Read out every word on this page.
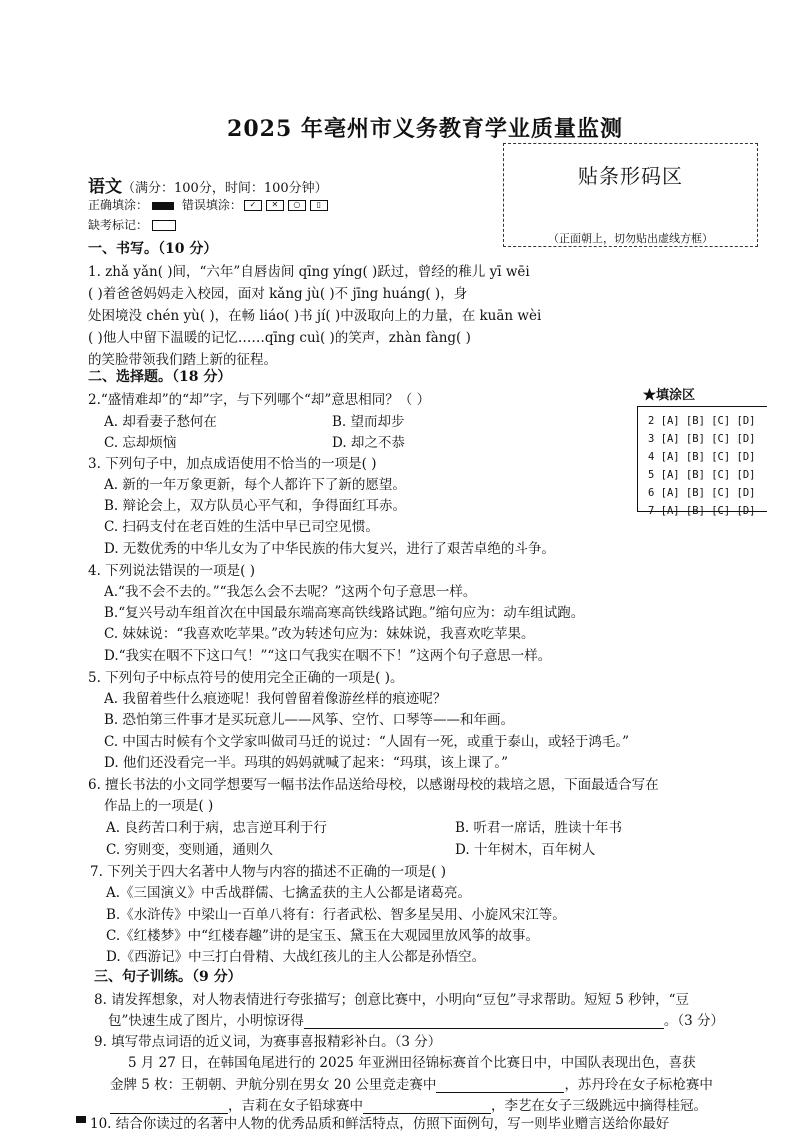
2025 年亳州市义务教育学业质量监测
语文（满分：100分，时间：100分钟）
正确填涂：	错误填涂： ✓ ✕ ○ ▯
缺考标记：
贴条形码区
（正面朝上，切勿贴出虚线方框）
一、书写。（10 分）
1. zhǎ yǎn( )间，“六年”自唇齿间 qīng yíng( )跃过，曾经的稚儿 yī wēi
( )着爸爸妈妈走入校园，面对 kǎng jù( )不 jīng huáng( )，身
处困境没 chén yù( )，在畅 liáo( )书 jí( )中汲取向上的力量，在 kuān wèi
( )他人中留下温暖的记忆……qīng cuì( )的笑声，zhàn fàng( )
的笑脸带领我们踏上新的征程。
二、选择题。（18 分）
2.“盛情难却”的“却”字，与下列哪个“却”意思相同？（ ）
A. 却看妻子愁何在	B. 望而却步
C. 忘却烦恼	D. 却之不恭
★填涂区
2 [A] [B] [C] [D]
3 [A] [B] [C] [D]
4 [A] [B] [C] [D]
5 [A] [B] [C] [D]
6 [A] [B] [C] [D]
7 [A] [B] [C] [D]
3. 下列句子中，加点成语使用不恰当的一项是( )
A. 新的一年万象更新，每个人都许下了新的愿望。
B. 辩论会上，双方队员心平气和，争得面红耳赤。
C. 扫码支付在老百姓的生活中早已司空见惯。
D. 无数优秀的中华儿女为了中华民族的伟大复兴，进行了艰苦卓绝的斗争。
4. 下列说法错误的一项是( )
A.“我不会不去的。”“我怎么会不去呢？”这两个句子意思一样。
B.“复兴号动车组首次在中国最东端高寒高铁线路试跑。”缩句应为：动车组试跑。
C. 妹妹说：“我喜欢吃苹果。”改为转述句应为：妹妹说，我喜欢吃苹果。
D.“我实在咽不下这口气！”“这口气我实在咽不下！”这两个句子意思一样。
5. 下列句子中标点符号的使用完全正确的一项是( )。
A. 我留着些什么痕迹呢！我何曾留着像游丝样的痕迹呢？
B. 恐怕第三件事才是买玩意儿——风筝、空竹、口琴等——和年画。
C. 中国古时候有个文学家叫做司马迁的说过：“人固有一死，或重于泰山，或轻于鸿毛。”
D. 他们还没看完一半。玛琪的妈妈就喊了起来：“玛琪，该上课了。”
6. 擅长书法的小文同学想要写一幅书法作品送给母校，以感谢母校的栽培之恩，下面最适合写在
作品上的一项是( )
A. 良药苦口利于病，忠言逆耳利于行	B. 听君一席话，胜读十年书
C. 穷则变，变则通，通则久	D. 十年树木，百年树人
7. 下列关于四大名著中人物与内容的描述不正确的一项是( )
A.《三国演义》中舌战群儒、七擒孟获的主人公都是诸葛亮。
B.《水浒传》中梁山一百单八将有：行者武松、智多星吴用、小旋风宋江等。
C.《红楼梦》中“红楼春趣”讲的是宝玉、黛玉在大观园里放风筝的故事。
D.《西游记》中三打白骨精、大战红孩儿的主人公都是孙悟空。
三、句子训练。（9 分）
8. 请发挥想象，对人物表情进行夸张描写；创意比赛中，小明向“豆包”寻求帮助。短短 5 秒钟，“豆
包”快速生成了图片，小明惊讶得	。（3 分）
9. 填写带点词语的近义词，为赛事喜报精彩补白。（3 分）
5 月 27 日，在韩国龟尾进行的 2025 年亚洲田径锦标赛首个比赛日中，中国队表现出色，喜获
金牌 5 枚：王朝朝、尹航分别在男女 20 公里竞走赛中	，苏丹玲在女子标枪赛中
，吉莉在女子铅球赛中	，李艺在女子三级跳远中摘得桂冠。
10. 结合你读过的名著中人物的优秀品质和鲜活特点，仿照下面例句，写一则毕业赠言送给你最好
